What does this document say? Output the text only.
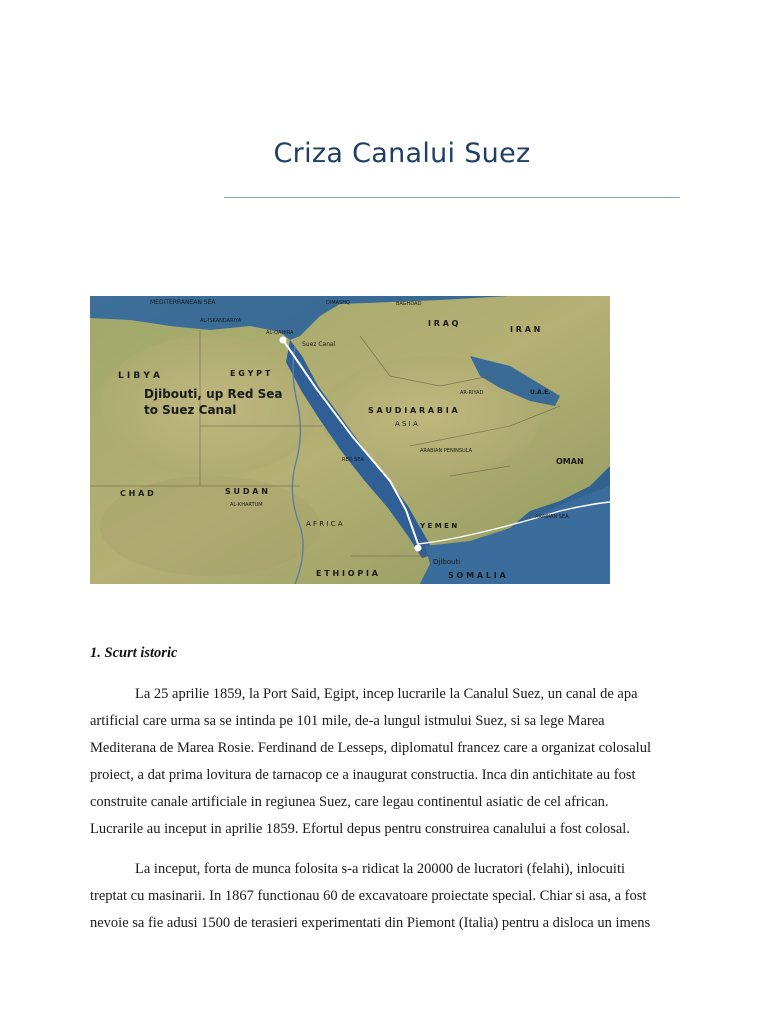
Criza Canalui Suez
MEDITERRANEAN SEA
L I B Y A	E G Y P T
S A U D I A R A B I A
A S I A
I R A Q
I R A N
S U D A N
C H A D
Y E M E N
OMAN
E T H I O P I A	S O M A L I A
A F R I C A
RED SEA
ARABIAN SEA
ARABIAN PENINSULA
Suez Canal
Djibouti
BAGHDAD
DIMASHQ
AR-RIYAD
AL-KHARTUM
AL-QAHIRA
AL-ISKANDARIYA
U.A.E.
Djibouti, up Red Sea
to Suez Canal
1. Scurt istoric

La 25 aprilie 1859, la Port Said, Egipt, incep lucrarile la Canalul Suez, un canal de apa
artificial care urma sa se intinda pe 101 mile, de-a lungul istmului Suez, si sa lege Marea
Mediterana de Marea Rosie. Ferdinand de Lesseps, diplomatul francez care a organizat colosalul
proiect, a dat prima lovitura de tarnacop ce a inaugurat constructia. Inca din antichitate au fost
construite canale artificiale in regiunea Suez, care legau continentul asiatic de cel african.
Lucrarile au inceput in aprilie 1859. Efortul depus pentru construirea canalului a fost colosal.

La inceput, forta de munca folosita s-a ridicat la 20000 de lucratori (felahi), inlocuiti
treptat cu masinarii. In 1867 functionau 60 de excavatoare proiectate special. Chiar si asa, a fost
nevoie sa fie adusi 1500 de terasieri experimentati din Piemont (Italia) pentru a disloca un imens
